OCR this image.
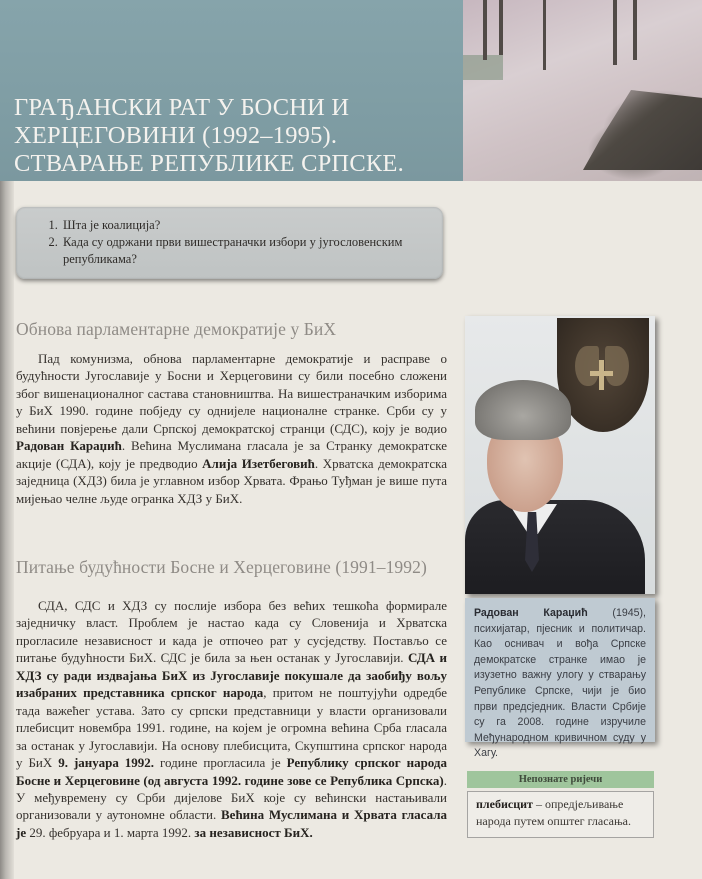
ГРАЂАНСКИ РАТ У БОСНИ И
ХЕРЦЕГОВИНИ (1992–1995).
СТВАРАЊЕ РЕПУБЛИКЕ СРПСКЕ.
1. Шта је коалиција?
2. Када су одржани први вишестраначки избори у југословенским републикама?
Обнова парламентарне демократије у БиХ
Пад комунизма, обнова парламентарне демократије и расправе о будућности Југославије у Босни и Херцеговини су били посебно сложени због вишенационалног састава становништва. На вишестраначким изборима у БиХ 1990. године побједу су однијеле националне странке. Срби су у већини повјерење дали Српској демократској странци (СДС), коју је водио Радован Караџић. Већина Муслимана гласала је за Странку демократске акције (СДА), коју је предводио Алија Изетбеговић. Хрватска демократска заједница (ХДЗ) била је углавном избор Хрвата. Фрањо Туђман је више пута мијењао челне људе огранка ХДЗ у БиХ.
Питање будућности Босне и Херцеговине (1991–1992)
СДА, СДС и ХДЗ су послије избора без већих тешкоћа формирале заједничку власт. Проблем је настао када су Словенија и Хрватска прогласиле независност и када је отпочео рат у сусједству. Постављо се питање будућности БиХ. СДС је била за њен останак у Југославији. СДА и ХДЗ су ради издвајања БиХ из Југославије покушале да заобиђу вољу изабраних представника српског народа, притом не поштујући одредбе тада важећег устава. Зато су српски представници у власти организовали плебисцит новембра 1991. године, на којем је огромна већина Срба гласала за останак у Југославији. На основу плебисцита, Скупштина српског народа у БиХ 9. јануара 1992. године прогласила је Републику српског народа Босне и Херцеговине (од августа 1992. године зове се Република Српска). У међувремену су Срби дијелове БиХ које су већински настањивали организовали у аутономне области. Већина Муслимана и Хрвата гласала је 29. фебруара и 1. марта 1992. за независност БиХ.
Радован Караџић (1945), психијатар, пјесник и политичар. Као оснивач и вођа Српске демократске странке имао је изузетно важну улогу у стварању Републике Српске, чији је био први предсједник. Власти Србије су га 2008. године изручиле Међународном кривичном суду у Хагу.
Непознате ријечи
плебисцит – опредјељивање народа путем општег гласања.
